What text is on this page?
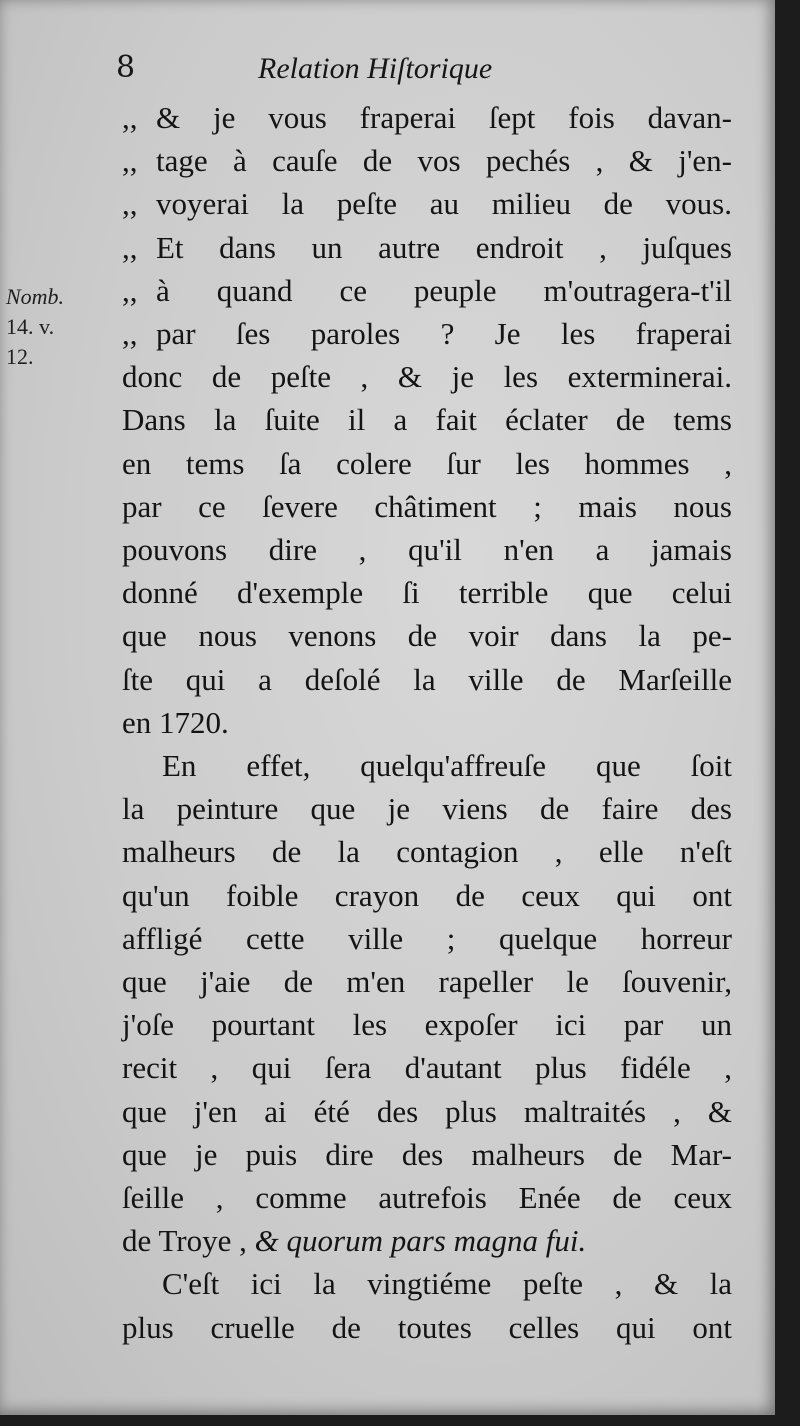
8	Relation Hiſtorique
Nomb.
14. v.
12.
,, & je vous fraperai ſept fois davan-
,, tage à cauſe de vos pechés , & j'en-
,, voyerai la peſte au milieu de vous.
,, Et dans un autre endroit , juſques
,, à quand ce peuple m'outragera-t'il
,, par ſes paroles ? Je les fraperai
donc de peſte , & je les exterminerai.
Dans la ſuite il a fait éclater de tems
en tems ſa colere ſur les hommes ,
par ce ſevere châtiment ; mais nous
pouvons dire , qu'il n'en a jamais
donné d'exemple ſi terrible que celui
que nous venons de voir dans la pe-
ſte qui a deſolé la ville de Marſeille
en 1720.
En effet, quelqu'affreuſe que ſoit
la peinture que je viens de faire des
malheurs de la contagion , elle n'eſt
qu'un foible crayon de ceux qui ont
affligé cette ville ; quelque horreur
que j'aie de m'en rapeller le ſouvenir,
j'oſe pourtant les expoſer ici par un
recit , qui ſera d'autant plus fidéle ,
que j'en ai été des plus maltraités , &
que je puis dire des malheurs de Mar-
ſeille , comme autrefois Enée de ceux
de Troye , & quorum pars magna fui.
C'eſt ici la vingtiéme peſte , & la
plus cruelle de toutes celles qui ont
